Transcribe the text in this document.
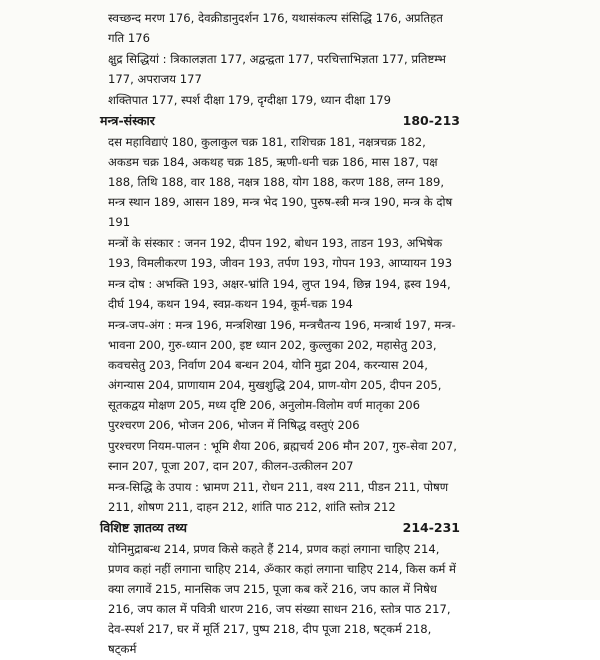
स्वच्छन्द मरण 176, देवक्रीडानुदर्शन 176, यथासंकल्प संसिद्धि 176, अप्रतिहत गति 176

क्षुद्र सिद्धियां : त्रिकालज्ञता 177, अद्वन्द्वता 177, परचित्ताभिज्ञता 177, प्रतिष्टम्भ 177, अपराजय 177

शक्तिपात 177, स्पर्श दीक्षा 179, दृग्दीक्षा 179, ध्यान दीक्षा 179

मन्त्र-संस्कार	180-213

दस महाविद्याएं 180, कुलाकुल चक्र 181, राशिचक्र 181, नक्षत्रचक्र 182, अकडम चक्र 184, अकथह चक्र 185, ऋणी-धनी चक्र 186, मास 187, पक्ष 188, तिथि 188, वार 188, नक्षत्र 188, योग 188, करण 188, लग्न 189, मन्त्र स्थान 189, आसन 189, मन्त्र भेद 190, पुरुष-स्त्री मन्त्र 190, मन्त्र के दोष 191

मन्त्रों के संस्कार : जनन 192, दीपन 192, बोधन 193, ताडन 193, अभिषेक 193, विमलीकरण 193, जीवन 193, तर्पण 193, गोपन 193, आप्यायन 193

मन्त्र दोष : अभक्ति 193, अक्षर-भ्रांति 194, लुप्त 194, छिन्न 194, ह्रस्व 194, दीर्घ 194, कथन 194, स्वप्न-कथन 194, कूर्म-चक्र 194

मन्त्र-जप-अंग : मन्त्र 196, मन्त्रशिखा 196, मन्त्रचैतन्य 196, मन्त्रार्थ 197, मन्त्र-भावना 200, गुरु-ध्यान 200, इष्ट ध्यान 202, कुल्लुका 202, महासेतु 203, कवचसेतु 203, निर्वाण 204 बन्धन 204, योनि मुद्रा 204, करन्यास 204, अंगन्यास 204, प्राणायाम 204, मुखशुद्धि 204, प्राण-योग 205, दीपन 205, सूतकद्वय मोक्षण 205, मध्य दृष्टि 206, अनुलोम-विलोम वर्ण मातृका 206 पुरश्चरण 206, भोजन 206, भोजन में निषिद्ध वस्तुएं 206

पुरश्चरण नियम-पालन : भूमि शैया 206, ब्रह्मचर्य 206 मौन 207, गुरु-सेवा 207, स्नान 207, पूजा 207, दान 207, कीलन-उत्कीलन 207

मन्त्र-सिद्धि के उपाय : भ्रामण 211, रोधन 211, वश्य 211, पीडन 211, पोषण 211, शोषण 211, दाहन 212, शांति पाठ 212, शांति स्तोत्र 212

विशिष्ट ज्ञातव्य तथ्य	214-231

योनिमुद्राबन्ध 214, प्रणव किसे कहते हैं 214, प्रणव कहां लगाना चाहिए 214, प्रणव कहां नहीं लगाना चाहिए 214, ॐकार कहां लगाना चाहिए 214, किस कर्म में क्या लगावें 215, मानसिक जप 215, पूजा कब करें 216, जप काल में निषेध 216, जप काल में पवित्री धारण 216, जप संख्या साधन 216, स्तोत्र पाठ 217, देव-स्पर्श 217, घर में मूर्ति 217, पुष्प 218, दीप पूजा 218, षट्कर्म 218, षट्कर्म
